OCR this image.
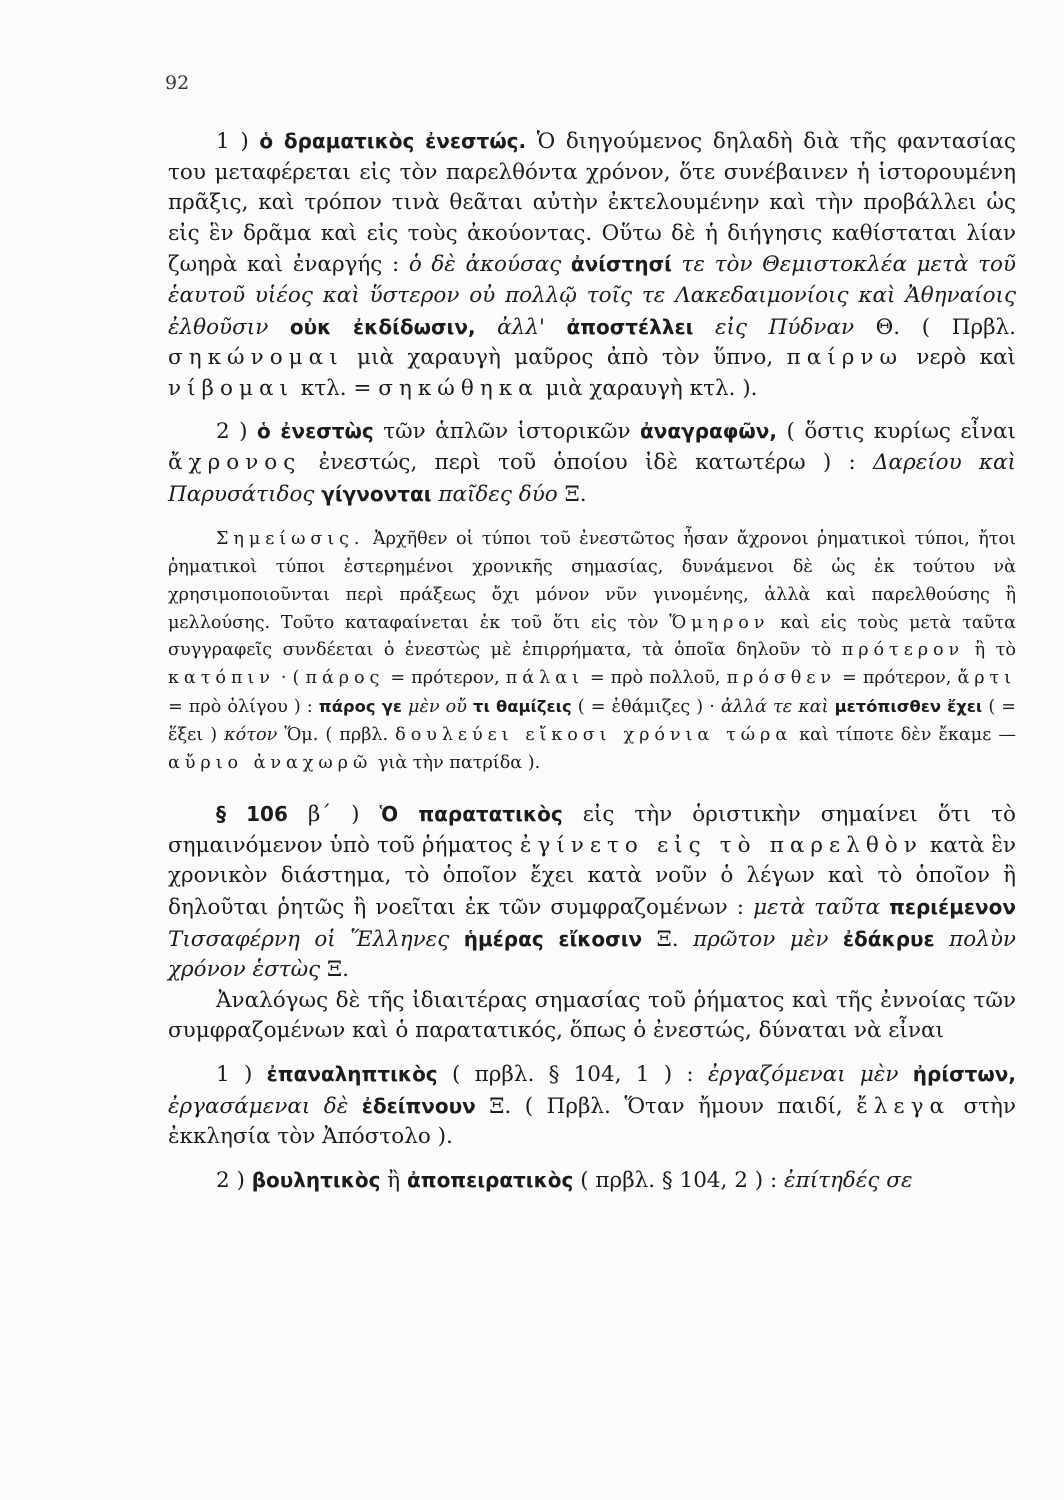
92

1 ) ὁ δραματικὸς ἐνεστώς. Ὁ διηγούμενος δηλαδὴ διὰ τῆς φαντασίας του μεταφέρεται εἰς τὸν παρελθόντα χρόνον, ὅτε συνέβαινεν ἡ ἱστορουμένη πρᾶξις, καὶ τρόπον τινὰ θεᾶται αὐτὴν ἐκτελουμένην καὶ τὴν προβάλλει ὡς εἰς ἓν δρᾶμα καὶ εἰς τοὺς ἀκούοντας. Οὕτω δὲ ἡ διήγησις καθίσταται λίαν ζωηρὰ καὶ ἐναργής : ὁ δὲ ἀκούσας ἀνίστησί τε τὸν Θεμιστοκλέα μετὰ τοῦ ἑαυτοῦ υἱέος καὶ ὕστερον οὐ πολλῷ τοῖς τε Λακεδαιμονίοις καὶ Ἀθηναίοις ἐλθοῦσιν οὐκ ἐκδίδωσιν, ἀλλ' ἀποστέλλει εἰς Πύδναν Θ. ( Πρβλ. σηκώνομαι μιὰ χαραυγὴ μαῦρος ἀπὸ τὸν ὕπνο, παίρνω νερὸ καὶ νίβομαι κτλ. = σηκώθηκα μιὰ χαραυγὴ κτλ. ).

2 ) ὁ ἐνεστὼς τῶν ἁπλῶν ἱστορικῶν ἀναγραφῶν, ( ὅστις κυρίως εἶναι ἄχρονος ἐνεστώς, περὶ τοῦ ὁποίου ἰδὲ κατωτέρω ) : Δαρείου καὶ Παρυσάτιδος γίγνονται παῖδες δύο Ξ.

Σημείωσις. Ἀρχῆθεν οἱ τύποι τοῦ ἐνεστῶτος ἦσαν ἄχρονοι ῥηματικοὶ τύποι, ἤτοι ῥηματικοὶ τύποι ἐστερημένοι χρονικῆς σημασίας, δυνάμενοι δὲ ὡς ἐκ τούτου νὰ χρησιμοποιοῦνται περὶ πράξεως ὄχι μόνον νῦν γινομένης, ἀλλὰ καὶ παρελθούσης ἢ μελλούσης. Τοῦτο καταφαίνεται ἐκ τοῦ ὅτι εἰς τὸν Ὅμηρον καὶ εἰς τοὺς μετὰ ταῦτα συγγραφεῖς συνδέεται ὁ ἐνεστὼς μὲ ἐπιρρήματα, τὰ ὁποῖα δηλοῦν τὸ πρότερον ἢ τὸ κατόπιν · ( πάρος = πρότερον, πάλαι = πρὸ πολλοῦ, πρόσθεν = πρότερον, ἄρτι = πρὸ ὀλίγου ) : πάρος γε μὲν οὔ τι θαμίζεις ( = ἐθάμιζες ) · ἀλλά τε καὶ μετόπισθεν ἔχει ( = ἕξει ) κότον Ὅμ. ( πρβλ. δουλεύει εἴκοσι χρόνια τώρα καὶ τίποτε δὲν ἔκαμε — αὔριο ἀναχωρῶ γιὰ τὴν πατρίδα ).

§ 106 β΄ ) Ὁ παρατατικὸς εἰς τὴν ὁριστικὴν σημαίνει ὅτι τὸ σημαινόμενον ὑπὸ τοῦ ῥήματος ἐγίνετο εἰς τὸ παρελθὸν κατὰ ἓν χρονικὸν διάστημα, τὸ ὁποῖον ἔχει κατὰ νοῦν ὁ λέγων καὶ τὸ ὁποῖον ἢ δηλοῦται ῥητῶς ἢ νοεῖται ἐκ τῶν συμφραζομένων : μετὰ ταῦτα περιέμενον Τισσαφέρνη οἱ Ἕλληνες ἡμέρας εἴκοσιν Ξ. πρῶτον μὲν ἐδάκρυε πολὺν χρόνον ἑστὼς Ξ.

Ἀναλόγως δὲ τῆς ἰδιαιτέρας σημασίας τοῦ ῥήματος καὶ τῆς ἐννοίας τῶν συμφραζομένων καὶ ὁ παρατατικός, ὅπως ὁ ἐνεστώς, δύναται νὰ εἶναι

1 ) ἐπαναληπτικὸς ( πρβλ. § 104, 1 ) : ἐργαζόμεναι μὲν ἠρίστων, ἐργασάμεναι δὲ ἐδείπνουν Ξ. ( Πρβλ. Ὅταν ἤμουν παιδί, ἔλεγα στὴν ἐκκλησία τὸν Ἀπόστολο ).

2 ) βουλητικὸς ἢ ἀποπειρατικὸς ( πρβλ. § 104, 2 ) : ἐπίτηδές σε
